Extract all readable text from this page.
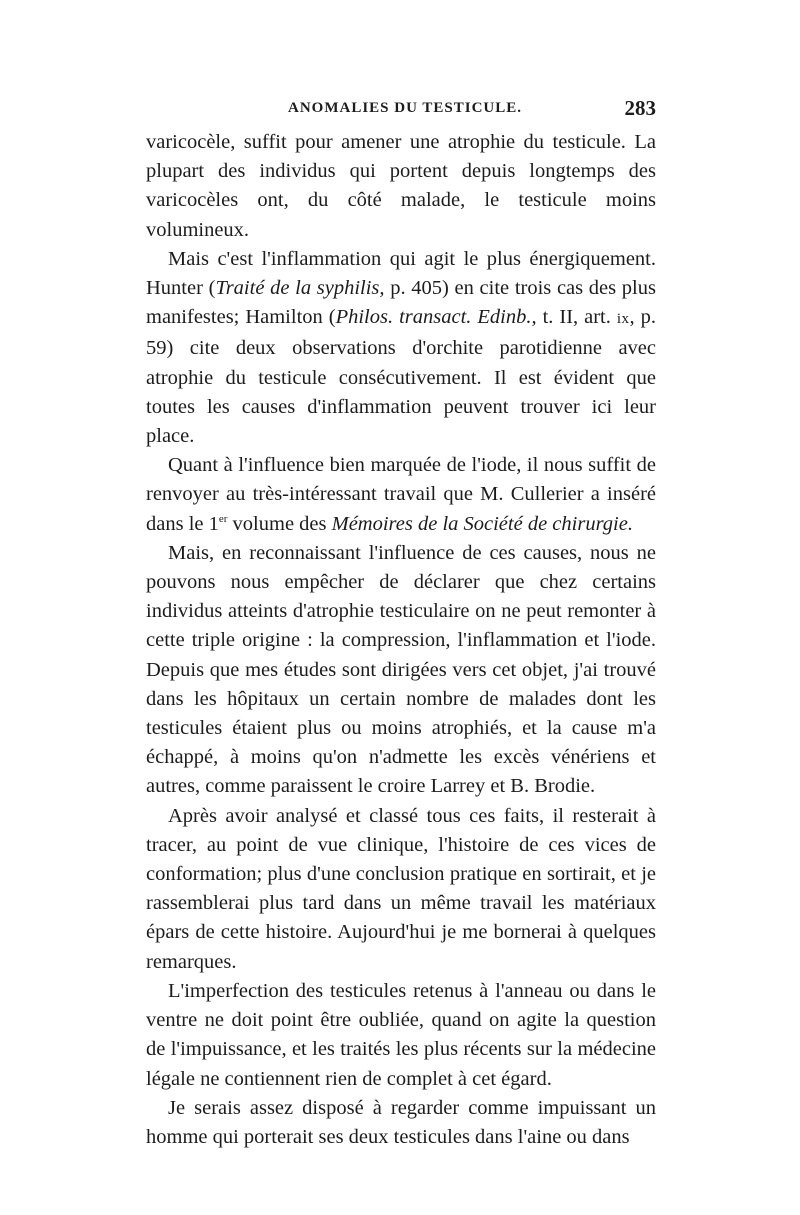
ANOMALIES DU TESTICULE.	283

varicocèle, suffit pour amener une atrophie du testicule. La plupart des individus qui portent depuis longtemps des varicocèles ont, du côté malade, le testicule moins volumineux.

Mais c'est l'inflammation qui agit le plus énergiquement. Hunter (Traité de la syphilis, p. 405) en cite trois cas des plus manifestes; Hamilton (Philos. transact. Edinb., t. II, art. ix, p. 59) cite deux observations d'orchite parotidienne avec atrophie du testicule consécutivement. Il est évident que toutes les causes d'inflammation peuvent trouver ici leur place.

Quant à l'influence bien marquée de l'iode, il nous suffit de renvoyer au très-intéressant travail que M. Cullerier a inséré dans le 1er volume des Mémoires de la Société de chirurgie.

Mais, en reconnaissant l'influence de ces causes, nous ne pouvons nous empêcher de déclarer que chez certains individus atteints d'atrophie testiculaire on ne peut remonter à cette triple origine : la compression, l'inflammation et l'iode. Depuis que mes études sont dirigées vers cet objet, j'ai trouvé dans les hôpitaux un certain nombre de malades dont les testicules étaient plus ou moins atrophiés, et la cause m'a échappé, à moins qu'on n'admette les excès vénériens et autres, comme paraissent le croire Larrey et B. Brodie.

Après avoir analysé et classé tous ces faits, il resterait à tracer, au point de vue clinique, l'histoire de ces vices de conformation; plus d'une conclusion pratique en sortirait, et je rassemblerai plus tard dans un même travail les matériaux épars de cette histoire. Aujourd'hui je me bornerai à quelques remarques.

L'imperfection des testicules retenus à l'anneau ou dans le ventre ne doit point être oubliée, quand on agite la question de l'impuissance, et les traités les plus récents sur la médecine légale ne contiennent rien de complet à cet égard.

Je serais assez disposé à regarder comme impuissant un homme qui porterait ses deux testicules dans l'aine ou dans
